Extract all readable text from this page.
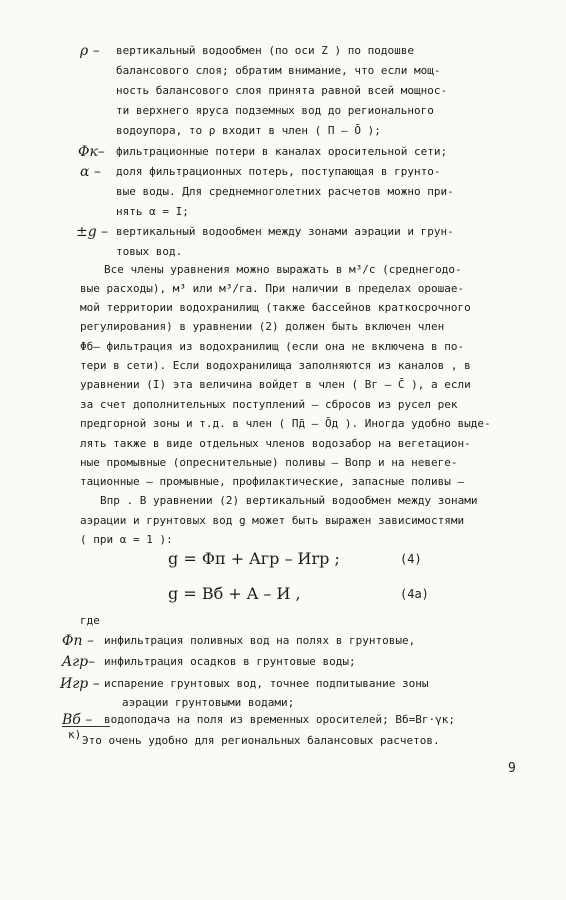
ρ – вертикальный водообмен (по оси Z ) по подошве
балансового слоя; обратим внимание, что если мощ-
ность балансового слоя принята равной всей мощнос-
ти верхнего яруса подземных вод до регионального
водоупора, то ρ входит в член ( Π – Ō );
Φк– фильтрационные потери в каналах оросительной сети;
α – доля фильтрационных потерь, поступающая в грунто-
вые воды. Для среднемноголетних расчетов можно при-
нять α = I;
±g – вертикальный водообмен между зонами аэрации и грун-
товых вод.
Все члены уравнения можно выражать в м³/с (среднегодо-
вые расходы), м³ или м³/га. При наличии в пределах орошае-
мой территории водохранилищ (также бассейнов краткосрочного
регулирования) в уравнении (2) должен быть включен член
Φб– фильтрация из водохранилищ (если она не включена в по-
тери в сети). Если водохранилища заполняются из каналов , в
уравнении (I) эта величина войдет в член ( Bг – C̄ ), а если
за счет дополнительных поступлений – сбросов из русел рек
предгорной зоны и т.д. в член ( Π̄д – Ōд ). Иногда удобно выде-
лять также в виде отдельных членов водозабор на вегетацион-
ные промывные (опреснительные) поливы – Bопр и на невеге-
тационные – промывные, профилактические, запасные поливы –
Bпр . В уравнении (2) вертикальный водообмен между зонами
аэрации и грунтовых вод g может быть выражен зависимостями
( при α = 1 ):
g = Φп + Aгр – Иrp ;	(4)
g = Bб + A – И ,	(4а)
где
Φп – инфильтрация поливных вод на полях в грунтовые,
Aгр– инфильтрация осадков в грунтовые воды;
Игр – испарение грунтовых вод, точнее подпитывание зоны
аэрации грунтовыми водами;
Bб – водоподача на поля из временных оросителей; Bб=Bг·γк;
к) Это очень удобно для региональных балансовых расчетов.
9
